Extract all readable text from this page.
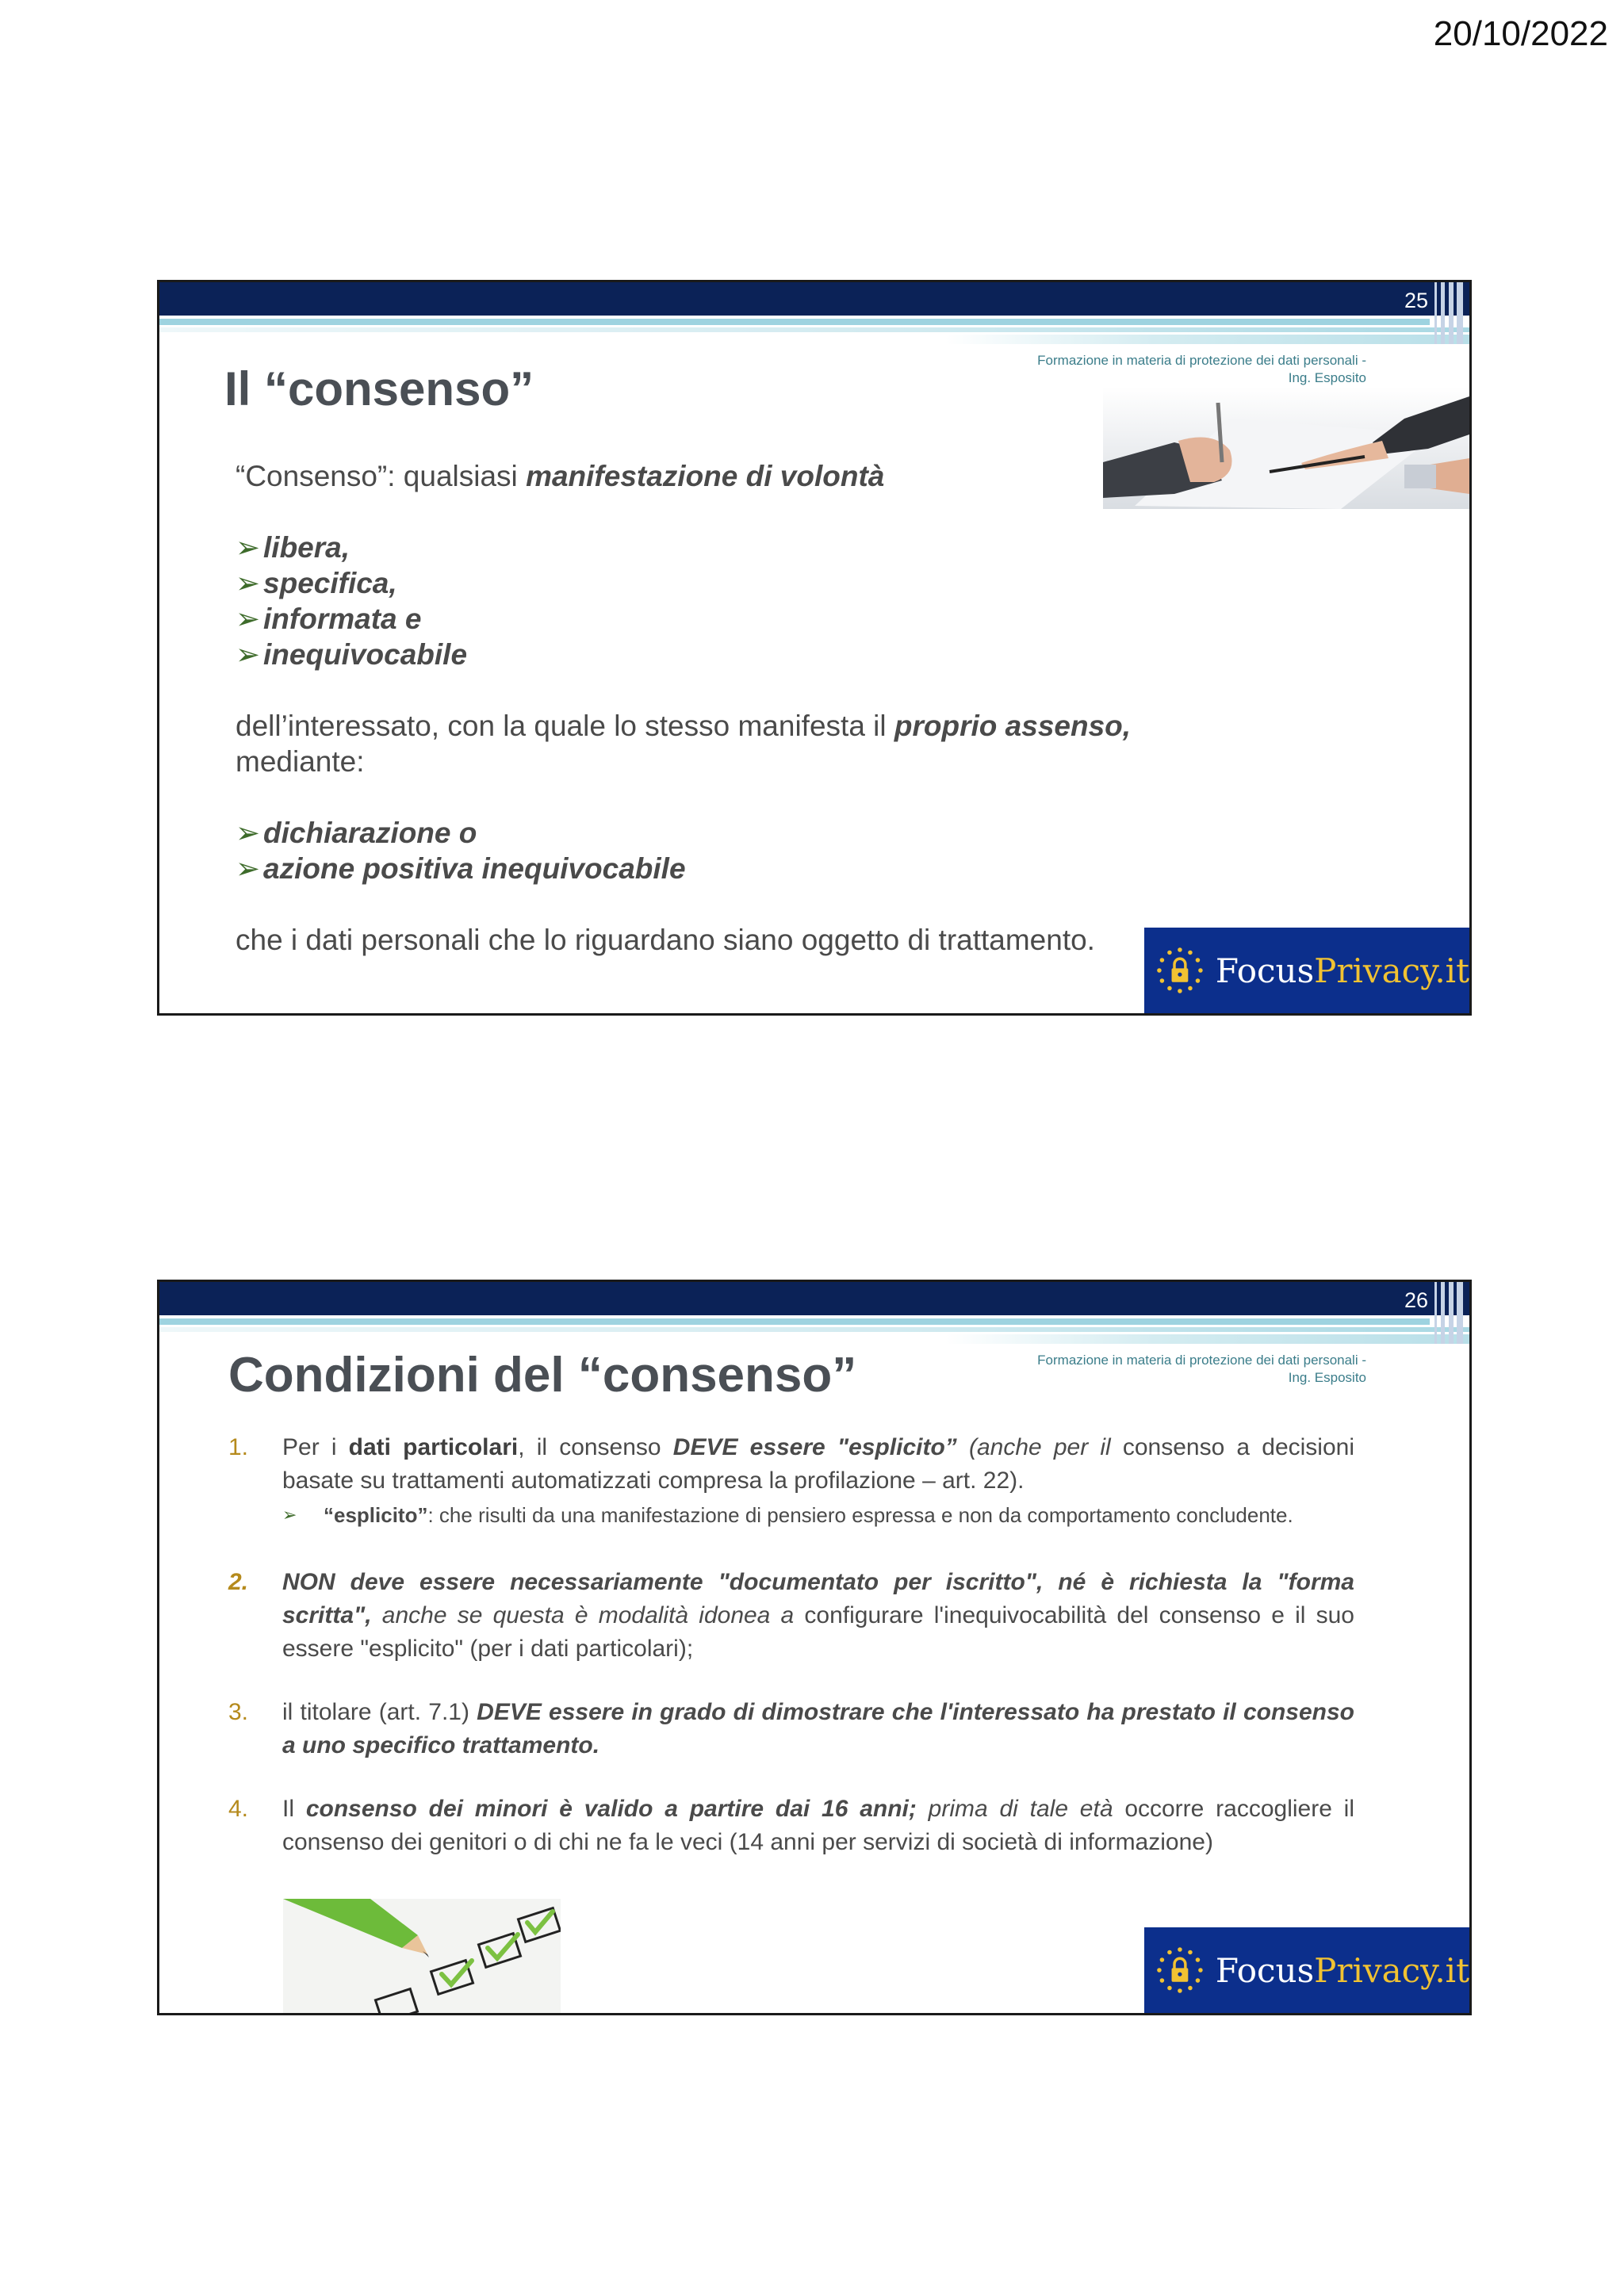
20/10/2022
25
Formazione in materia di protezione dei dati personali - Ing. Esposito
Il “consenso”

“Consenso”: qualsiasi manifestazione di volontà

➢ libera,
➢ specifica,
➢ informata e
➢ inequivocabile

dell’interessato, con la quale lo stesso manifesta il proprio assenso, mediante:

➢ dichiarazione o
➢ azione positiva inequivocabile

che i dati personali che lo riguardano siano oggetto di trattamento.

FocusPrivacy.it
26
Formazione in materia di protezione dei dati personali - Ing. Esposito
Condizioni del “consenso”
1. Per i dati particolari, il consenso DEVE essere "esplicito” (anche per il consenso a decisioni basate su trattamenti automatizzati compresa la profilazione – art. 22).
➢ “esplicito”: che risulti da una manifestazione di pensiero espressa e non da comportamento concludente.
2. NON deve essere necessariamente "documentato per iscritto", né è richiesta la "forma scritta", anche se questa è modalità idonea a configurare l'inequivocabilità del consenso e il suo essere "esplicito" (per i dati particolari);
3. il titolare (art. 7.1) DEVE essere in grado di dimostrare che l'interessato ha prestato il consenso a uno specifico trattamento.
4. Il consenso dei minori è valido a partire dai 16 anni; prima di tale età occorre raccogliere il consenso dei genitori o di chi ne fa le veci (14 anni per servizi di società di informazione)
FocusPrivacy.it
